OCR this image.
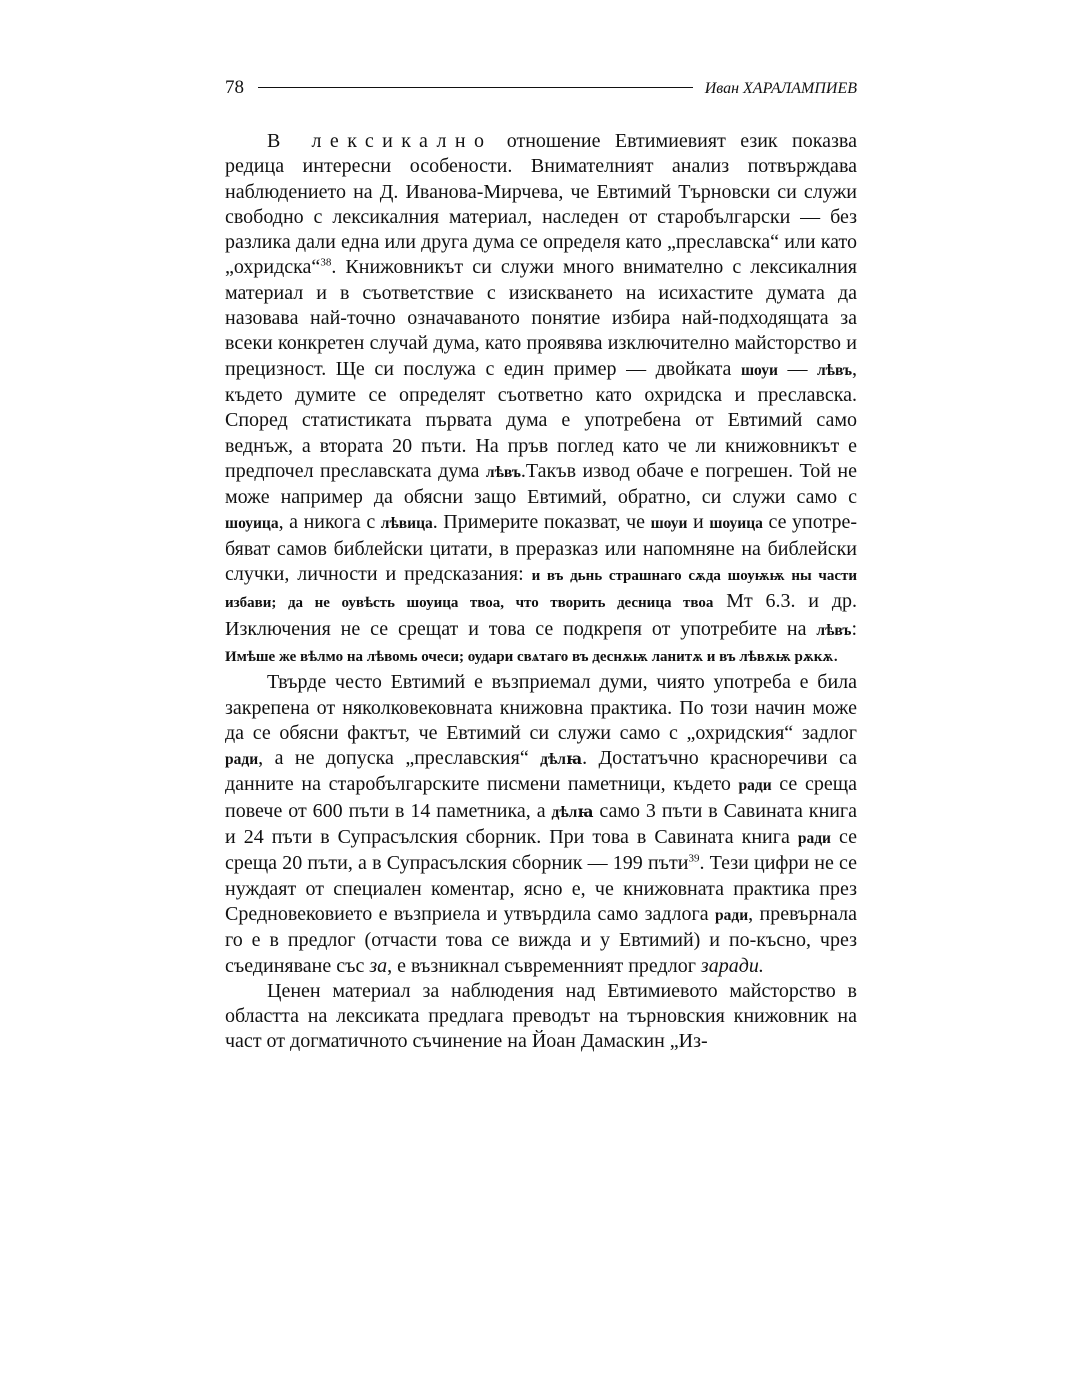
78	Иван ХАРАЛАМПИЕВ

В лексикално отношение Евтимиевият език показва редица интересни особености. Внимателният анализ потвърждава наблюдението на Д. Иванова-Мирчева, че Евтимий Търновски си служи свободно с лексикалния материал, наследен от старобългарски — без разлика дали една или друга дума се определя като „преславска“ или като „охридска“$^{38}$. Книжовникът си служи много внимателно с лексикалния материал и в съответствие с изискването на исихастите думата да назовава най-точно означаваното понятие избира най-подходящата за всеки конкретен случай дума, като проявява изключително майсторство и прецизност. Ще си послужа с един пример — двойката шоуи — лѣвъ, където думите се определят съответно като охридска и преславска. Според статистиката първата дума е употребена от Евтимий само веднъж, а втората 20 пъти. На пръв поглед като че ли книжовникът е предпочел преславската дума лѣвъ.Такъв извод обаче е погрешен. Той не може например да обясни защо Евтимий, обратно, си служи само с шоуица, а никога с лѣвица. Примерите показват, че шоуи и шоуица се употребяват самов библейски цитати, в преразказ или напомняне на библейски случки, личности и предсказания: и въ дьнь страшнаго сѫда шоуѭѭ ны части избави; да не оувѣсть шоуица твоа, что творить десница твоа Мт 6.3. и др. Изключения не се срещат и това се подкрепя от употребите на лѣвъ: Имѣше же вѣлмо на лѣвомь очеси; оудари свѧтаго въ деснѫѭ ланитѫ и въ лѣвѫѭ рѫкѫ.

Твърде често Евтимий е възприемал думи, чиято употреба е била закрепена от няколковековната книжовна практика. По този начин може да се обясни фактът, че Евтимий си служи само с „охридския“ задлог ради, а не допуска „преславския“ дѣлꙗ. Достатъчно красноречиви са данните на старобългарските писмени паметници, където ради се среща повече от 600 пъти в 14 паметника, а дѣлꙗ само 3 пъти в Савината книга и 24 пъти в Супрасълския сборник. При това в Савината книга ради се среща 20 пъти, а в Супрасълския сборник — 199 пъти$^{39}$. Тези цифри не се нуждаят от специален коментар, ясно е, че книжовната практика през Средновековието е възприела и утвърдила само задлога ради, превърнала го е в предлог (отчасти това се вижда и у Евтимий) и по-късно, чрез съединяване със за, е възникнал съвременният предлог заради.

Ценен материал за наблюдения над Евтимиевото майсторство в областта на лексиката предлага преводът на търновския книжовник на част от догматичното съчинение на Йоан Дамаскин „Из-
